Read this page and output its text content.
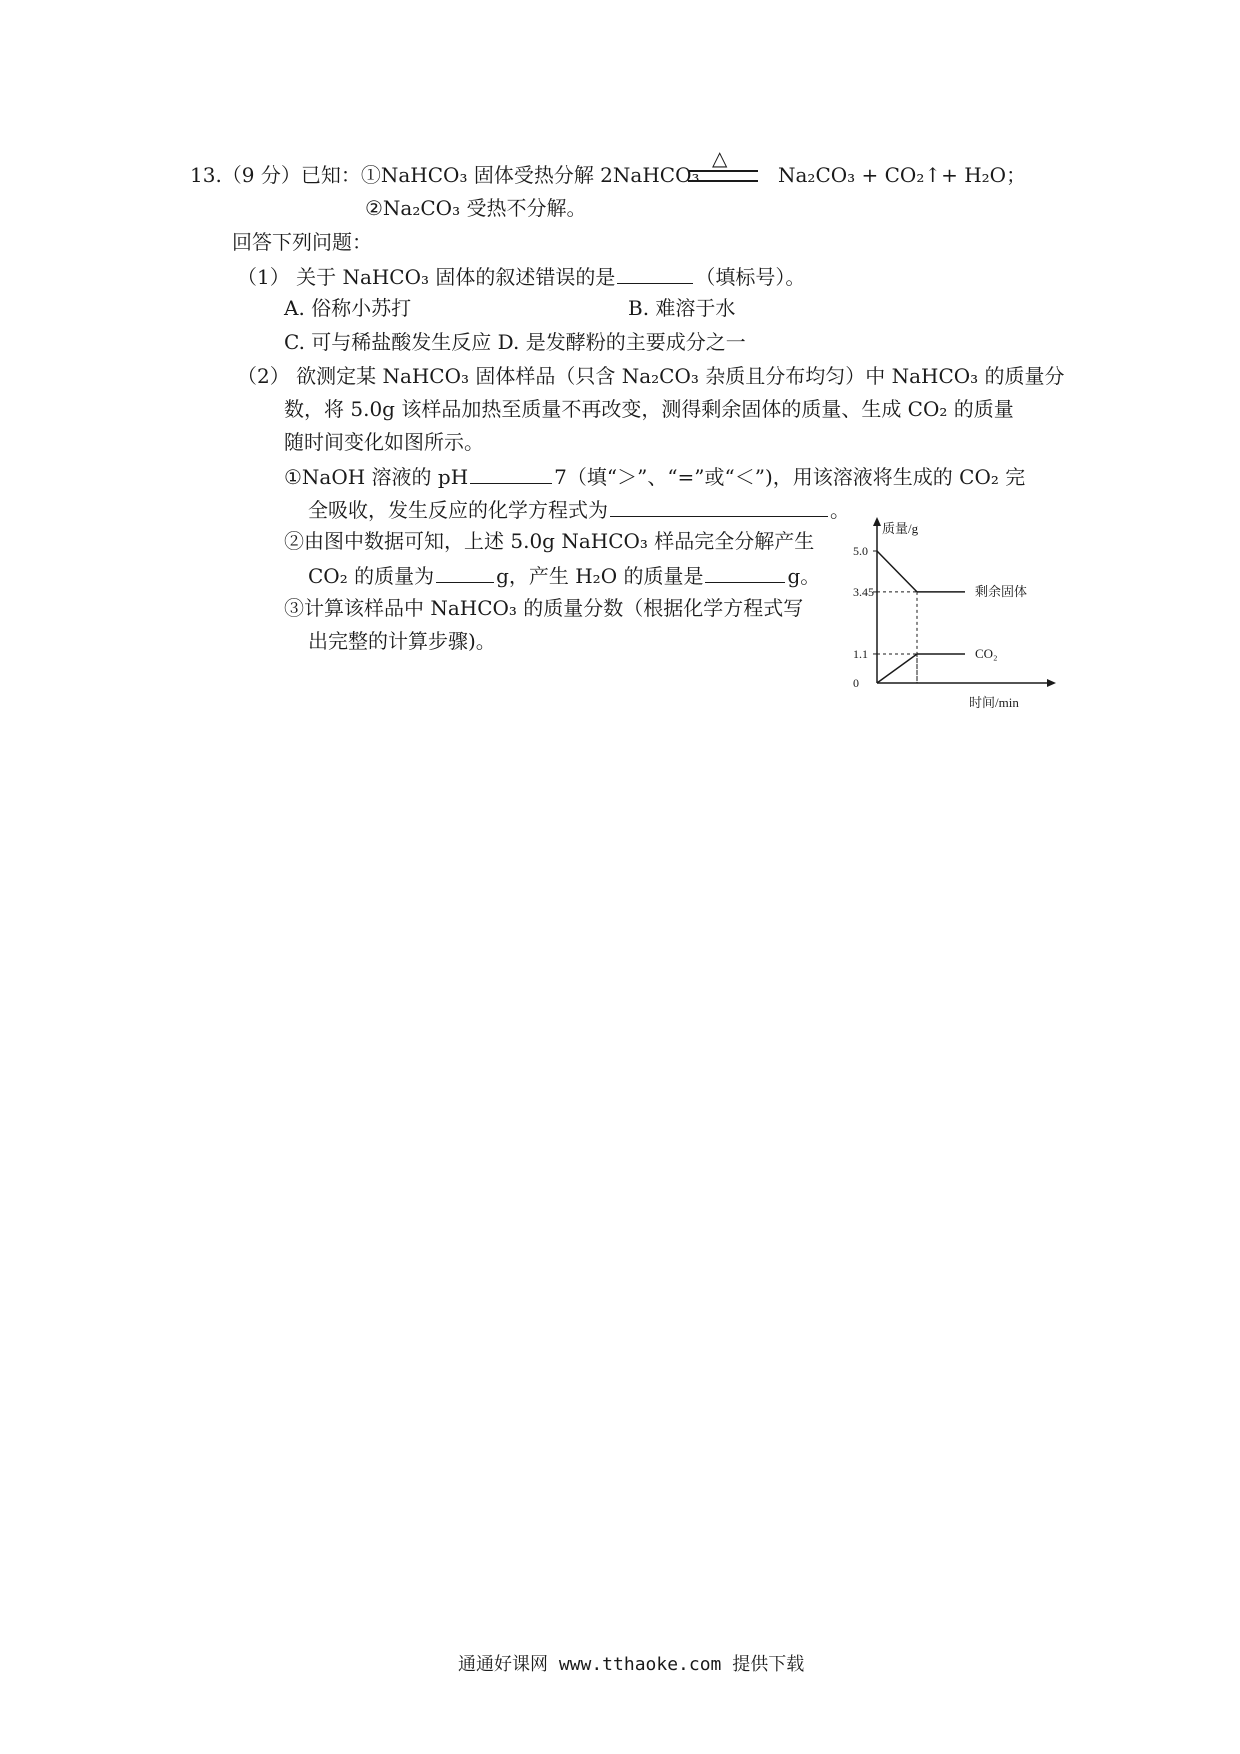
13.（9 分）已知：①NaHCO₃ 固体受热分解 2NaHCO₃
△
Na₂CO₃ + CO₂↑+ H₂O；
②Na₂CO₃ 受热不分解。
回答下列问题：
（1） 关于 NaHCO₃ 固体的叙述错误的是	（填标号）。
A. 俗称小苏打	B. 难溶于水
C. 可与稀盐酸发生反应 D. 是发酵粉的主要成分之一
（2） 欲测定某 NaHCO₃ 固体样品（只含 Na₂CO₃ 杂质且分布均匀）中 NaHCO₃ 的质量分
数，将 5.0g 该样品加热至质量不再改变，测得剩余固体的质量、生成 CO₂ 的质量
随时间变化如图所示。
①NaOH 溶液的 pH	7（填“＞”、“=”或“＜”)，用该溶液将生成的 CO₂ 完
全吸收，发生反应的化学方程式为	。
②由图中数据可知，上述 5.0g NaHCO₃ 样品完全分解产生
CO₂ 的质量为	g，产生 H₂O 的质量是	g。
③计算该样品中 NaHCO₃ 的质量分数（根据化学方程式写
出完整的计算步骤)。
质量/g
时间/min
5.0
3.45
1.1
0
剩余固体
CO₂
通通好课网 www.tthaoke.com 提供下载
